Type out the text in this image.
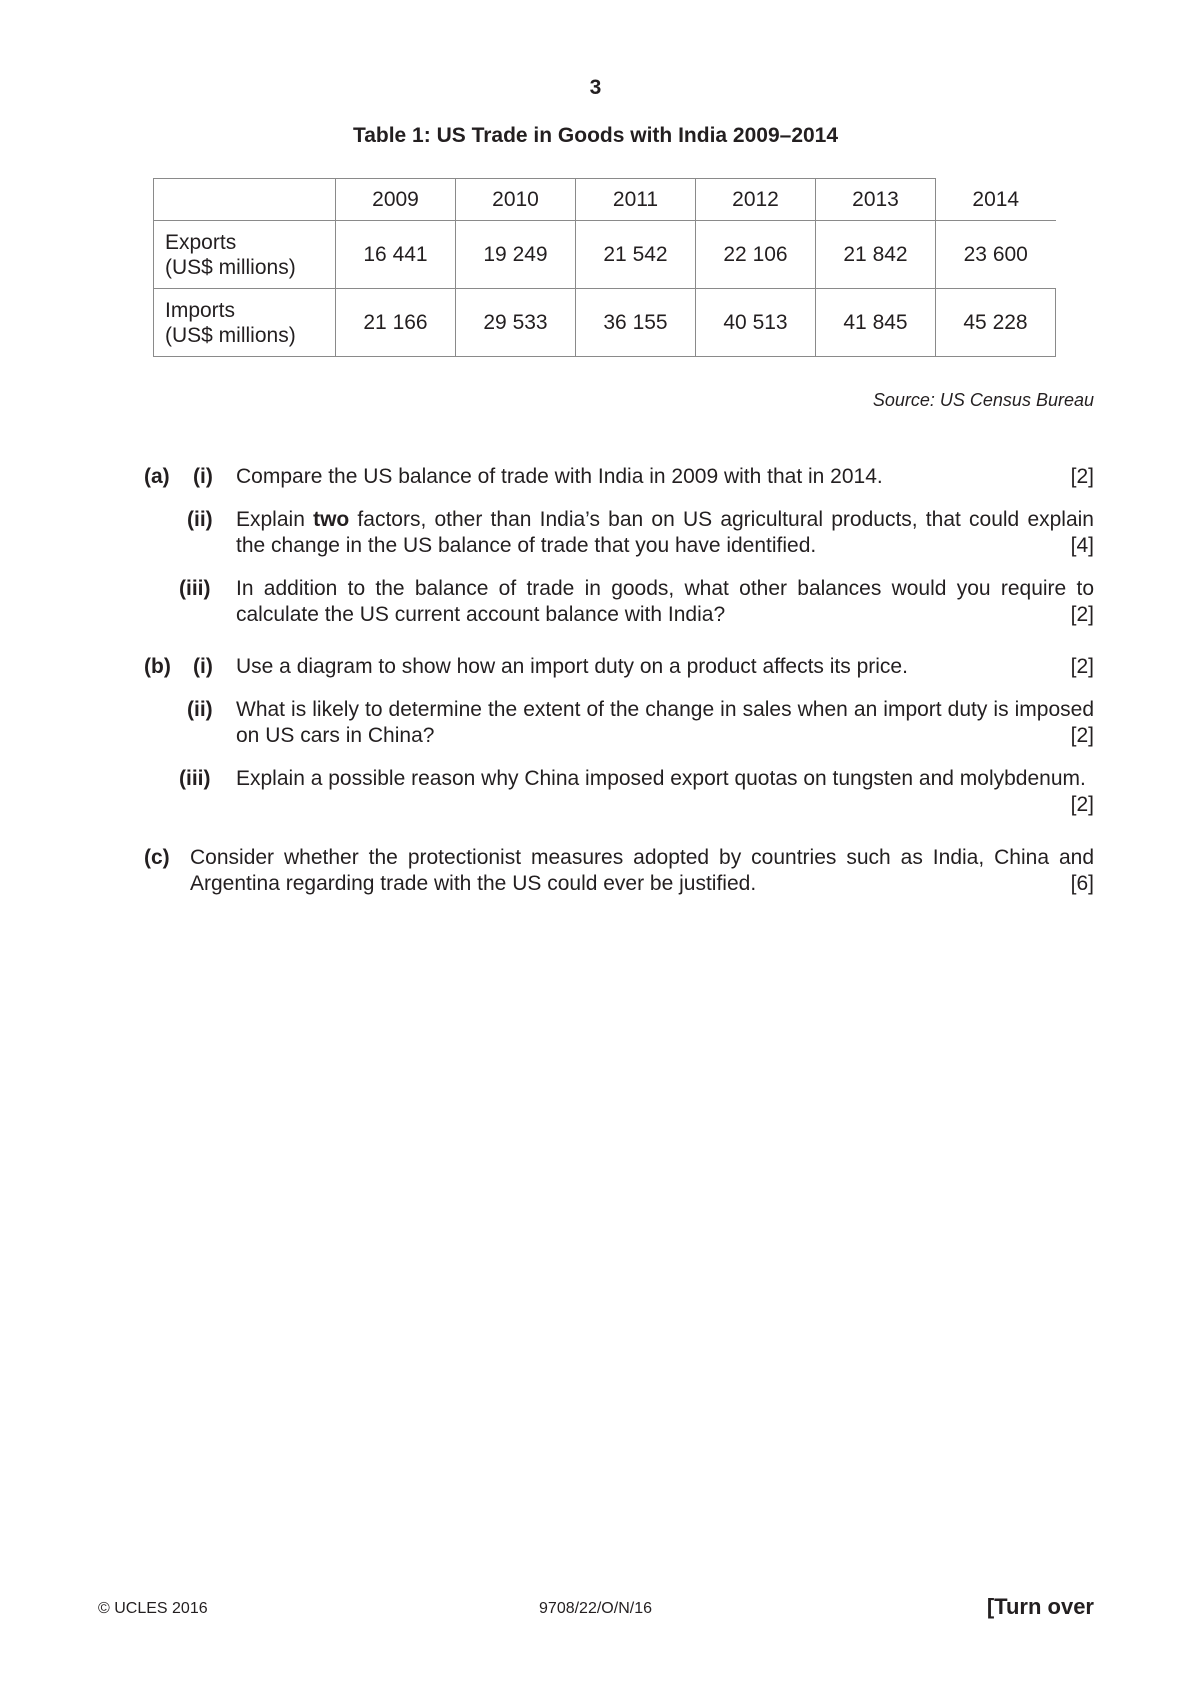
3
Table 1: US Trade in Goods with India 2009–2014
	2009	2010	2011	2012	2013	2014

Exports
(US$ millions)	16 441	19 249	21 542	22 106	21 842	23 600

Imports
(US$ millions)	21 166	29 533	36 155	40 513	41 845	45 228
Source: US Census Bureau
(a) (i) Compare the US balance of trade with India in 2009 with that in 2014.	[2]
(ii) Explain two factors, other than India’s ban on US agricultural products, that could explain the change in the US balance of trade that you have identified.	[4]
(iii) In addition to the balance of trade in goods, what other balances would you require to calculate the US current account balance with India?	[2]
(b) (i) Use a diagram to show how an import duty on a product affects its price.	[2]
(ii) What is likely to determine the extent of the change in sales when an import duty is imposed on US cars in China?	[2]
(iii) Explain a possible reason why China imposed export quotas on tungsten and molybdenum.
[2]
(c) Consider whether the protectionist measures adopted by countries such as India, China and Argentina regarding trade with the US could ever be justified.	[6]
© UCLES 2016	9708/22/O/N/16	[Turn over
